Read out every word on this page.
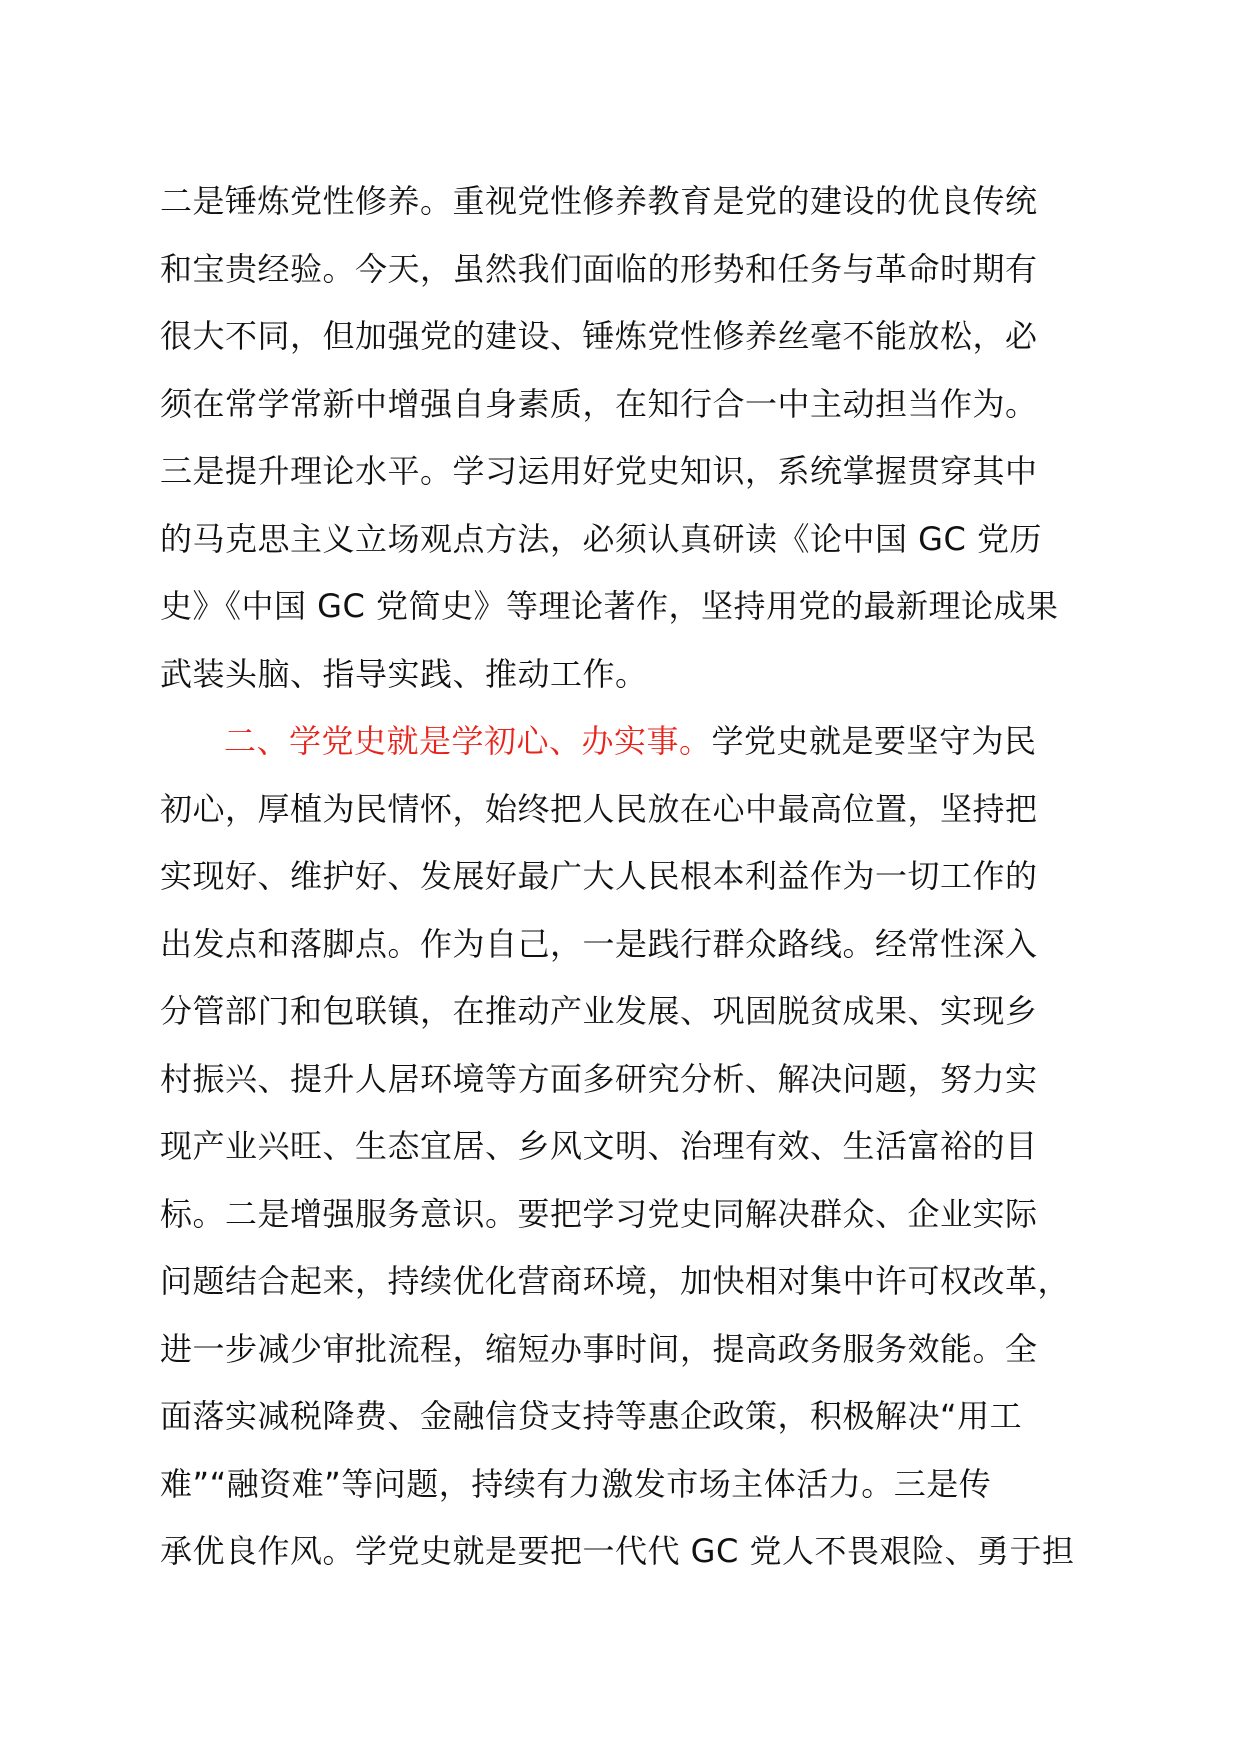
二是锤炼党性修养。重视党性修养教育是党的建设的优良传统
和宝贵经验。今天，虽然我们面临的形势和任务与革命时期有
很大不同，但加强党的建设、锤炼党性修养丝毫不能放松，必
须在常学常新中增强自身素质，在知行合一中主动担当作为。
三是提升理论水平。学习运用好党史知识，系统掌握贯穿其中
的马克思主义立场观点方法，必须认真研读《论中国 GC 党历
史》《中国 GC 党简史》等理论著作，坚持用党的最新理论成果
武装头脑、指导实践、推动工作。
二、学党史就是学初心、办实事。学党史就是要坚守为民
初心，厚植为民情怀，始终把人民放在心中最高位置，坚持把
实现好、维护好、发展好最广大人民根本利益作为一切工作的
出发点和落脚点。作为自己，一是践行群众路线。经常性深入
分管部门和包联镇，在推动产业发展、巩固脱贫成果、实现乡
村振兴、提升人居环境等方面多研究分析、解决问题，努力实
现产业兴旺、生态宜居、乡风文明、治理有效、生活富裕的目
标。二是增强服务意识。要把学习党史同解决群众、企业实际
问题结合起来，持续优化营商环境，加快相对集中许可权改革，
进一步减少审批流程，缩短办事时间，提高政务服务效能。全
面落实减税降费、金融信贷支持等惠企政策，积极解决“用工
难”“融资难”等问题，持续有力激发市场主体活力。三是传
承优良作风。学党史就是要把一代代 GC 党人不畏艰险、勇于担
